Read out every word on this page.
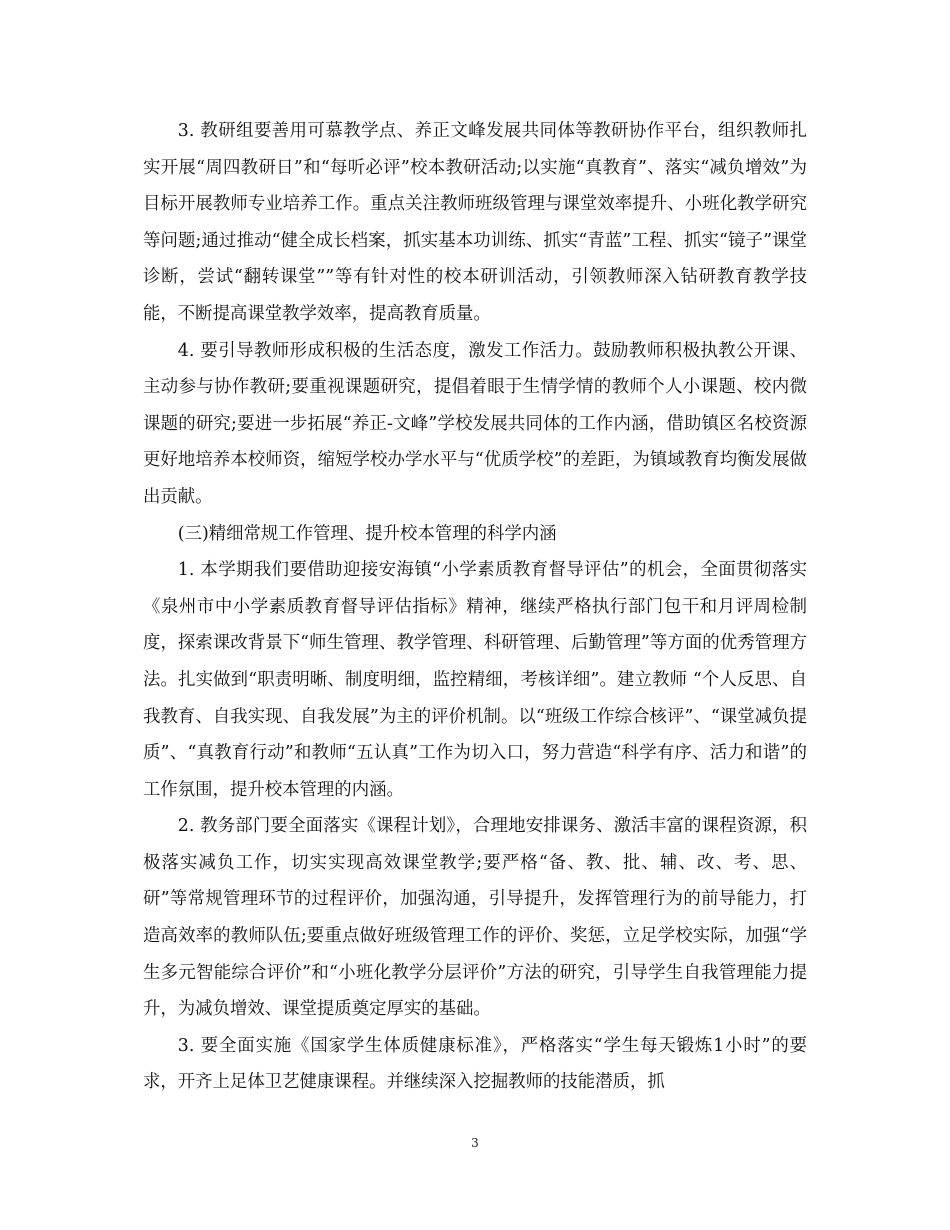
3. 教研组要善用可慕教学点、养正文峰发展共同体等教研协作平台，组织教师扎实开展“周四教研日”和“每听必评”校本教研活动;以实施“真教育”、落实“减负增效”为目标开展教师专业培养工作。重点关注教师班级管理与课堂效率提升、小班化教学研究等问题;通过推动“健全成长档案，抓实基本功训练、抓实“青蓝”工程、抓实“镜子”课堂诊断，尝试“翻转课堂””等有针对性的校本研训活动，引领教师深入钻研教育教学技能，不断提高课堂教学效率，提高教育质量。

4. 要引导教师形成积极的生活态度，激发工作活力。鼓励教师积极执教公开课、主动参与协作教研;要重视课题研究，提倡着眼于生情学情的教师个人小课题、校内微课题的研究;要进一步拓展“养正-文峰”学校发展共同体的工作内涵，借助镇区名校资源更好地培养本校师资，缩短学校办学水平与“优质学校”的差距，为镇域教育均衡发展做出贡献。

(三)精细常规工作管理、提升校本管理的科学内涵

1. 本学期我们要借助迎接安海镇“小学素质教育督导评估”的机会，全面贯彻落实《泉州市中小学素质教育督导评估指标》精神，继续严格执行部门包干和月评周检制度，探索课改背景下“师生管理、教学管理、科研管理、后勤管理”等方面的优秀管理方法。扎实做到“职责明晰、制度明细，监控精细，考核详细”。建立教师 “个人反思、自我教育、自我实现、自我发展”为主的评价机制。以“班级工作综合核评”、“课堂减负提质”、“真教育行动”和教师“五认真”工作为切入口，努力营造“科学有序、活力和谐”的工作氛围，提升校本管理的内涵。

2. 教务部门要全面落实《课程计划》，合理地安排课务、激活丰富的课程资源，积极落实减负工作，切实实现高效课堂教学;要严格“备、教、批、辅、改、考、思、研”等常规管理环节的过程评价，加强沟通，引导提升，发挥管理行为的前导能力，打造高效率的教师队伍;要重点做好班级管理工作的评价、奖惩，立足学校实际，加强“学生多元智能综合评价”和“小班化教学分层评价”方法的研究，引导学生自我管理能力提升，为减负增效、课堂提质奠定厚实的基础。

3. 要全面实施《国家学生体质健康标准》，严格落实“学生每天锻炼1小时”的要求，开齐上足体卫艺健康课程。并继续深入挖掘教师的技能潜质，抓

3
